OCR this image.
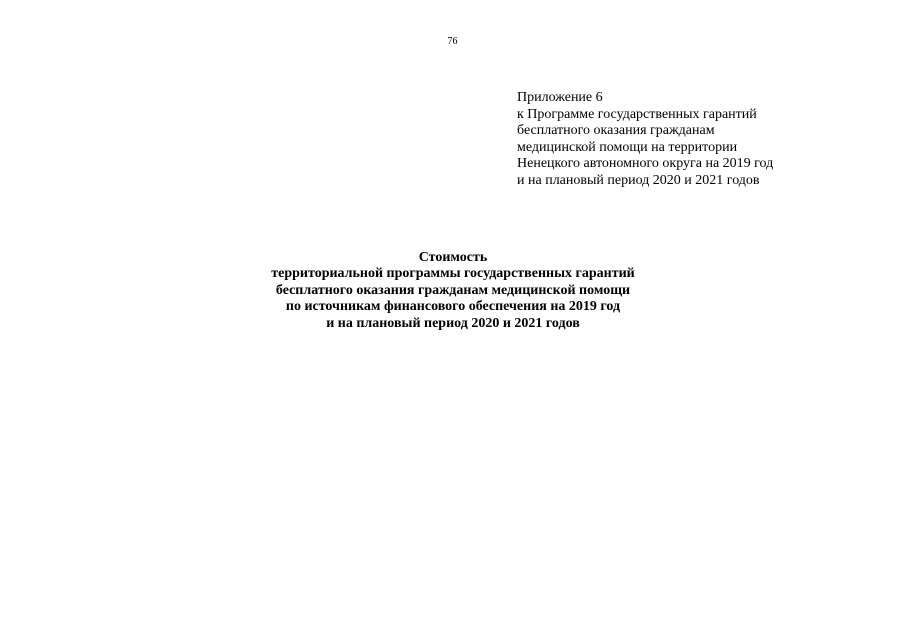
76
Приложение 6
к Программе государственных гарантий
бесплатного оказания гражданам
медицинской помощи на территории
Ненецкого автономного округа на 2019 год
и на плановый период 2020 и 2021 годов
Стоимость
территориальной программы государственных гарантий
бесплатного оказания гражданам медицинской помощи
по источникам финансового обеспечения на 2019 год
и на плановый период 2020 и 2021 годов
